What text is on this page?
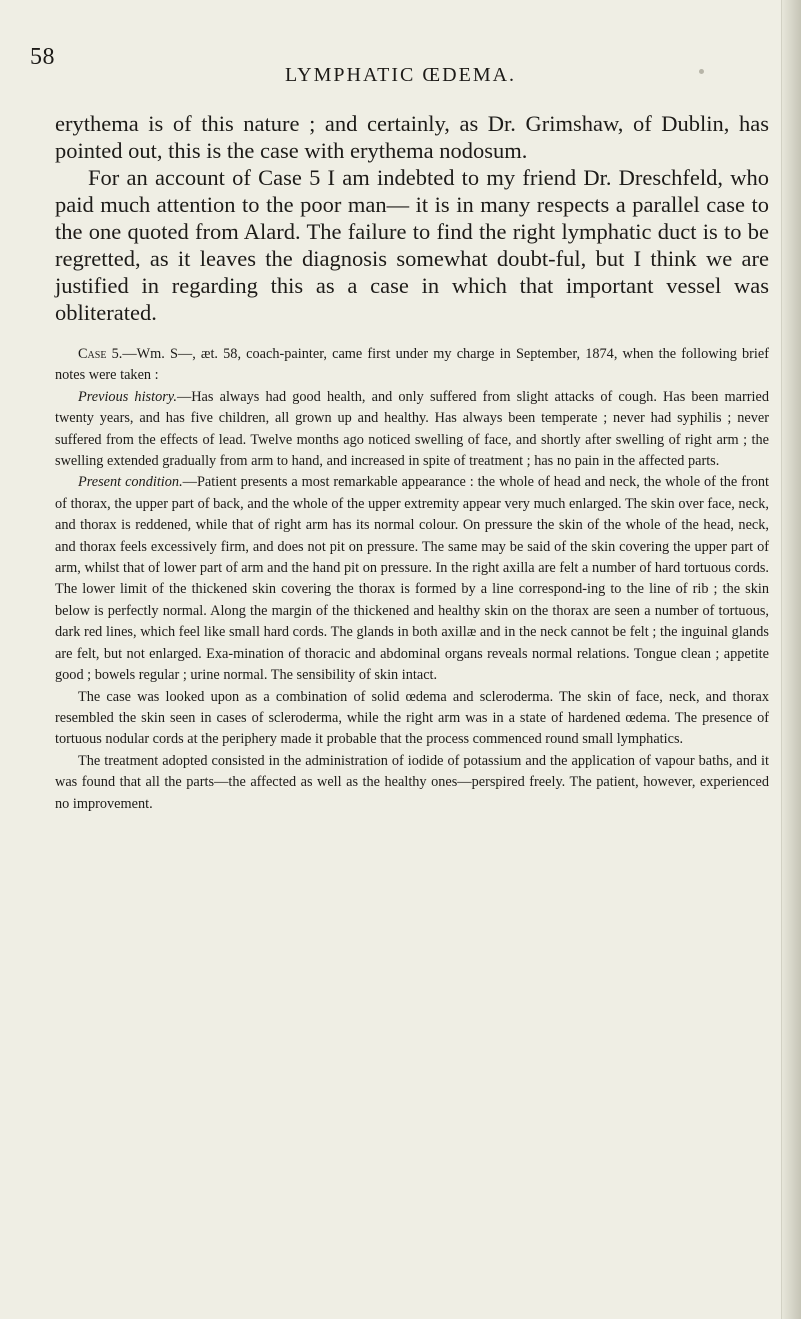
58
LYMPHATIC ŒDEMA.

erythema is of this nature ; and certainly, as Dr. Grimshaw, of Dublin, has pointed out, this is the case with erythema nodosum.

For an account of Case 5 I am indebted to my friend Dr. Dreschfeld, who paid much attention to the poor man— it is in many respects a parallel case to the one quoted from Alard. The failure to find the right lymphatic duct is to be regretted, as it leaves the diagnosis somewhat doubt-ful, but I think we are justified in regarding this as a case in which that important vessel was obliterated.

Case 5.—Wm. S—, æt. 58, coach-painter, came first under my charge in September, 1874, when the following brief notes were taken :

Previous history.—Has always had good health, and only suffered from slight attacks of cough. Has been married twenty years, and has five children, all grown up and healthy. Has always been temperate ; never had syphilis ; never suffered from the effects of lead. Twelve months ago noticed swelling of face, and shortly after swelling of right arm ; the swelling extended gradually from arm to hand, and increased in spite of treatment ; has no pain in the affected parts.

Present condition.—Patient presents a most remarkable appearance : the whole of head and neck, the whole of the front of thorax, the upper part of back, and the whole of the upper extremity appear very much enlarged. The skin over face, neck, and thorax is reddened, while that of right arm has its normal colour. On pressure the skin of the whole of the head, neck, and thorax feels excessively firm, and does not pit on pressure. The same may be said of the skin covering the upper part of arm, whilst that of lower part of arm and the hand pit on pressure. In the right axilla are felt a number of hard tortuous cords. The lower limit of the thickened skin covering the thorax is formed by a line correspond-ing to the line of rib ; the skin below is perfectly normal. Along the margin of the thickened and healthy skin on the thorax are seen a number of tortuous, dark red lines, which feel like small hard cords. The glands in both axillæ and in the neck cannot be felt ; the inguinal glands are felt, but not enlarged. Exa-mination of thoracic and abdominal organs reveals normal relations. Tongue clean ; appetite good ; bowels regular ; urine normal. The sensibility of skin intact.

The case was looked upon as a combination of solid œdema and scleroderma. The skin of face, neck, and thorax resembled the skin seen in cases of scleroderma, while the right arm was in a state of hardened œdema. The presence of tortuous nodular cords at the periphery made it probable that the process commenced round small lymphatics.

The treatment adopted consisted in the administration of iodide of potassium and the application of vapour baths, and it was found that all the parts—the affected as well as the healthy ones—perspired freely. The patient, however, experienced no improvement.
